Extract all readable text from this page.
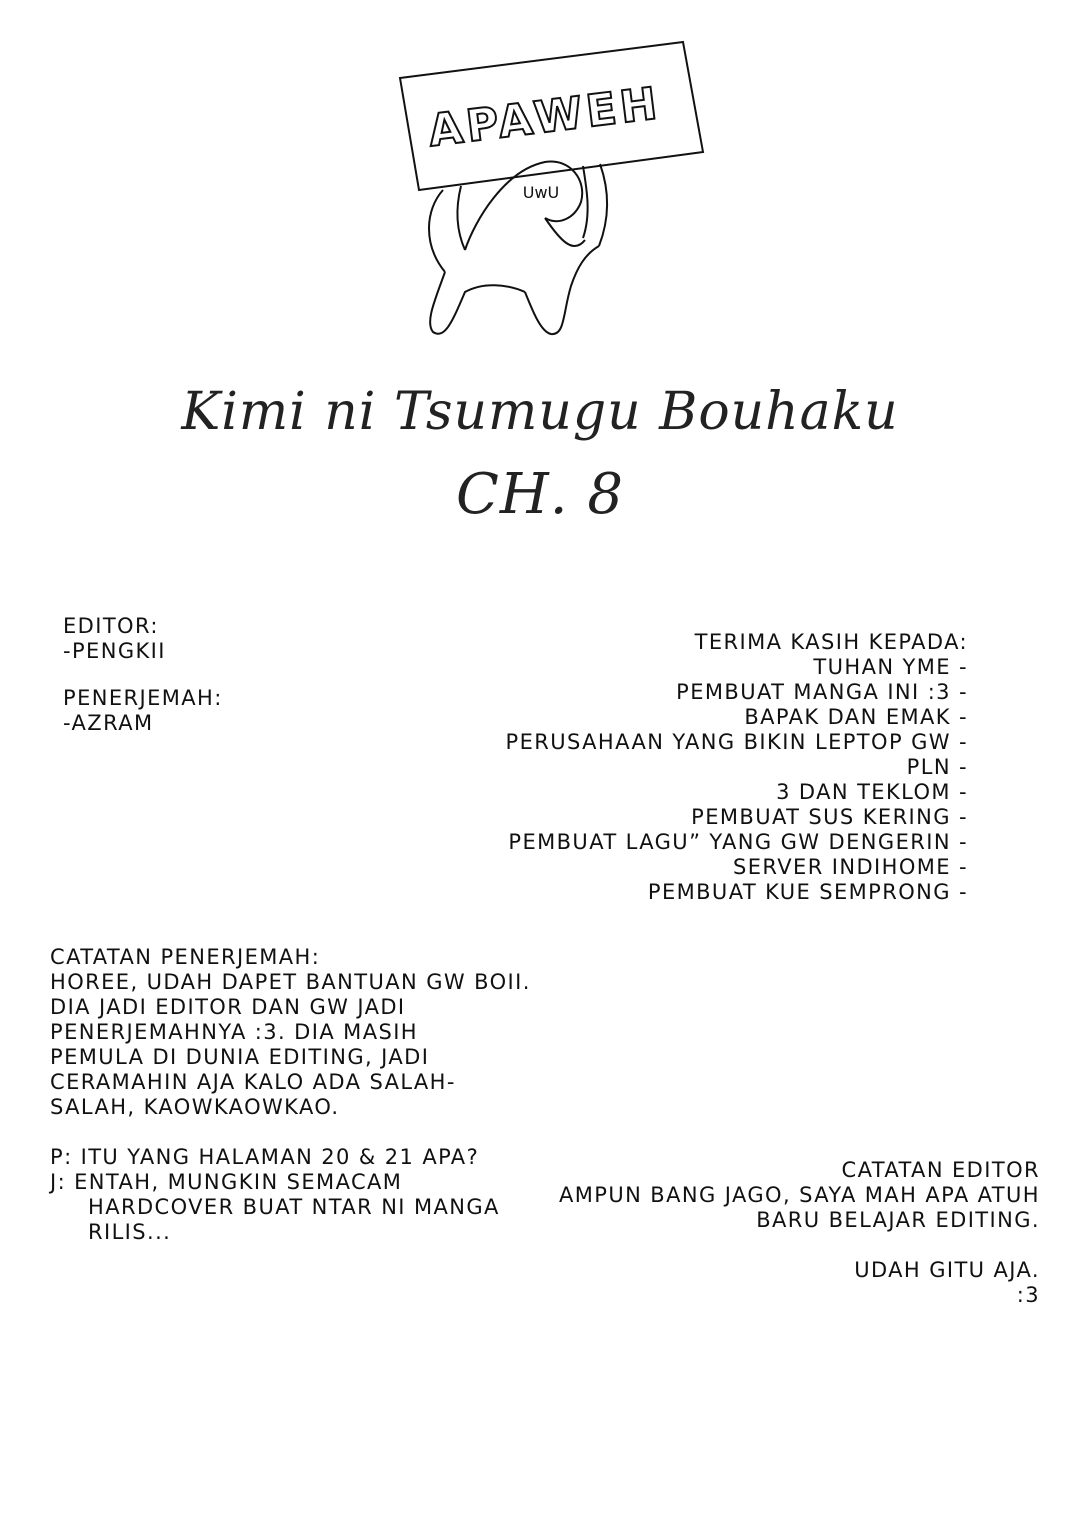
APAWEH
UwU
Kimi ni Tsumugu Bouhaku
CH. 8
EDITOR:
-PENGKII
PENERJEMAH:
-AZRAM
TERIMA KASIH KEPADA:
TUHAN YME -
PEMBUAT MANGA INI :3 -
BAPAK DAN EMAK -
PERUSAHAAN YANG BIKIN LEPTOP GW -
PLN -
3 DAN TEKLOM -
PEMBUAT SUS KERING -
PEMBUAT LAGU” YANG GW DENGERIN -
SERVER INDIHOME -
PEMBUAT KUE SEMPRONG -
CATATAN PENERJEMAH:
HOREE, UDAH DAPET BANTUAN GW BOII.
DIA JADI EDITOR DAN GW JADI
PENERJEMAHNYA :3. DIA MASIH
PEMULA DI DUNIA EDITING, JADI
CERAMAHIN AJA KALO ADA SALAH-
SALAH, KAOWKAOWKAO.
P: ITU YANG HALAMAN 20 & 21 APA?
J: ENTAH, MUNGKIN SEMACAM
HARDCOVER BUAT NTAR NI MANGA
RILIS...
CATATAN EDITOR
AMPUN BANG JAGO, SAYA MAH APA ATUH
BARU BELAJAR EDITING.
UDAH GITU AJA.
:3
